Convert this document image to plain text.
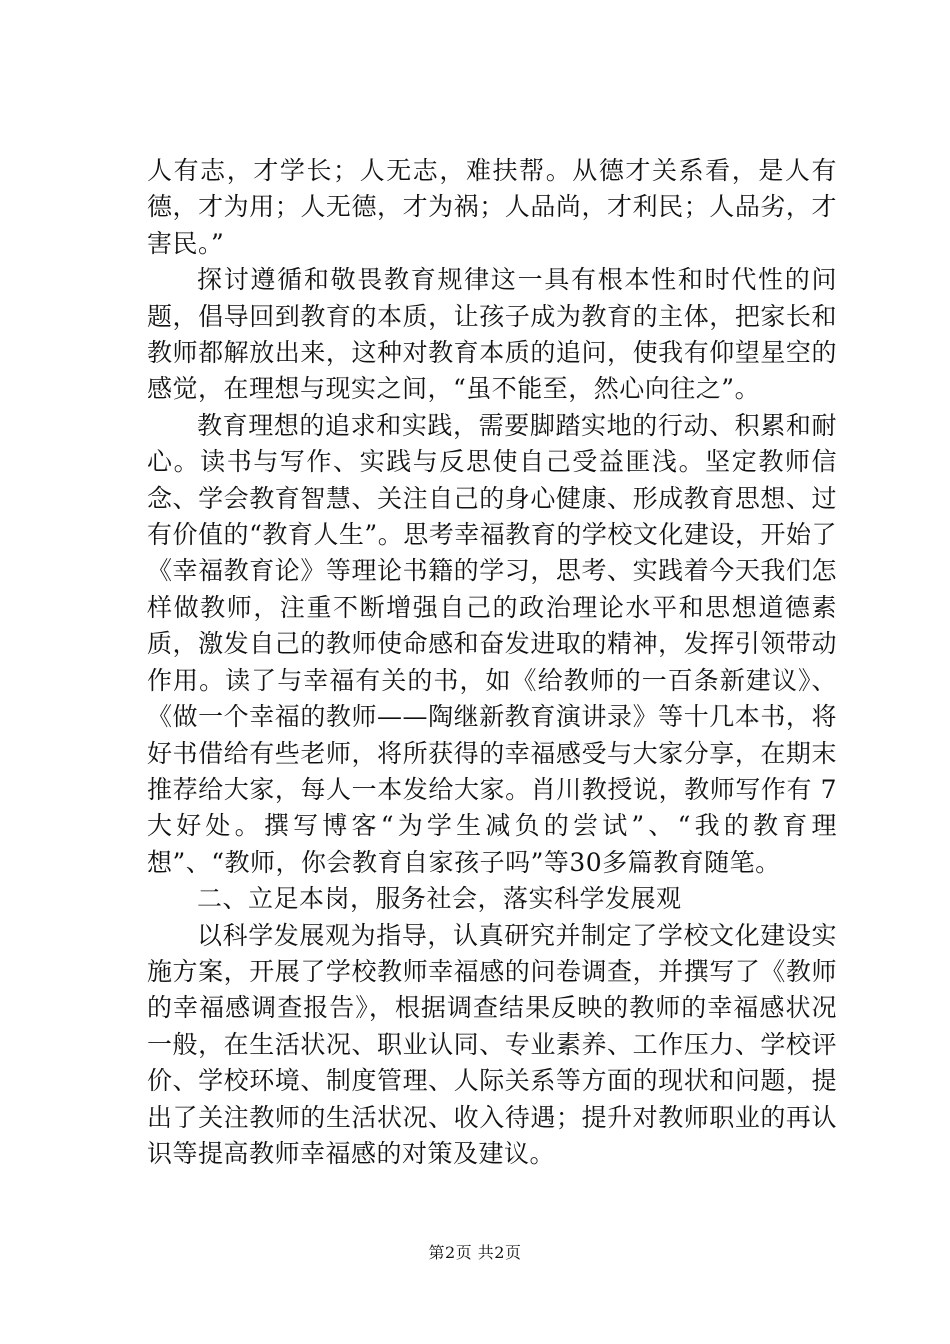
人有志，才学长；人无志，难扶帮。从德才关系看，是人有德，才为用；人无德，才为祸；人品尚，才利民；人品劣，才害民。”

探讨遵循和敬畏教育规律这一具有根本性和时代性的问题，倡导回到教育的本质，让孩子成为教育的主体，把家长和教师都解放出来，这种对教育本质的追问，使我有仰望星空的感觉，在理想与现实之间，“虽不能至，然心向往之”。

教育理想的追求和实践，需要脚踏实地的行动、积累和耐心。读书与写作、实践与反思使自己受益匪浅。坚定教师信念、学会教育智慧、关注自己的身心健康、形成教育思想、过有价值的“教育人生”。思考幸福教育的学校文化建设，开始了《幸福教育论》等理论书籍的学习，思考、实践着今天我们怎样做教师，注重不断增强自己的政治理论水平和思想道德素质，激发自己的教师使命感和奋发进取的精神，发挥引领带动作用。读了与幸福有关的书，如《给教师的一百条新建议》、《做一个幸福的教师——陶继新教育演讲录》等十几本书，将好书借给有些老师，将所获得的幸福感受与大家分享，在期末推荐给大家，每人一本发给大家。肖川教授说，教师写作有 7 大好处。撰写博客“为学生减负的尝试”、“我的教育理想”、“教师，你会教育自家孩子吗”等30多篇教育随笔。

二、立足本岗，服务社会，落实科学发展观

以科学发展观为指导，认真研究并制定了学校文化建设实施方案，开展了学校教师幸福感的问卷调查，并撰写了《教师的幸福感调查报告》，根据调查结果反映的教师的幸福感状况一般，在生活状况、职业认同、专业素养、工作压力、学校评价、学校环境、制度管理、人际关系等方面的现状和问题，提出了关注教师的生活状况、收入待遇；提升对教师职业的再认识等提高教师幸福感的对策及建议。

第2页 共2页
